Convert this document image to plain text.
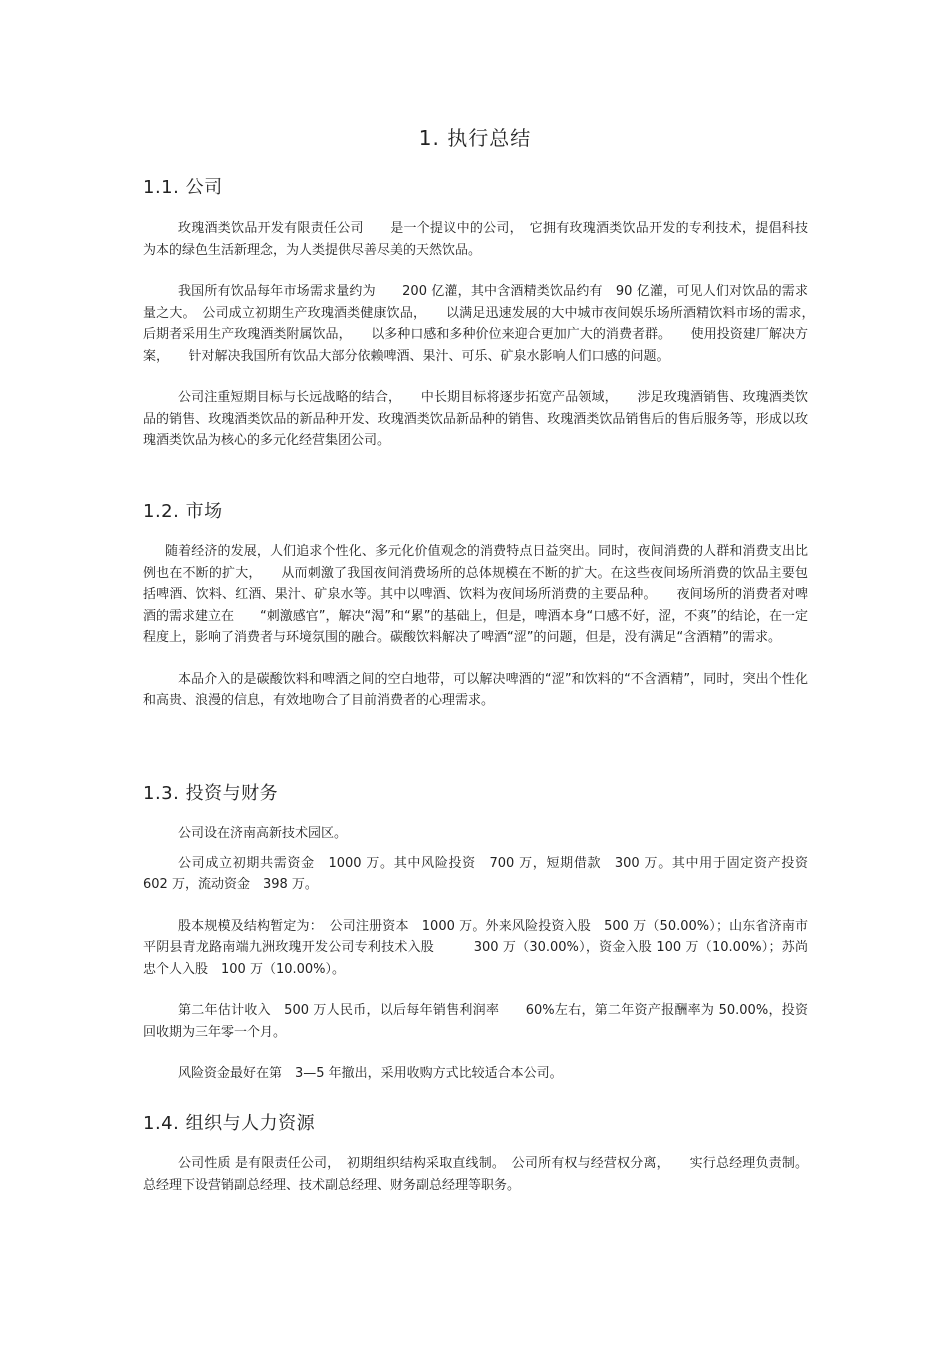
1. 执行总结
1.1. 公司

玫瑰酒类饮品开发有限责任公司　　是一个提议中的公司，　它拥有玫瑰酒类饮品开发的专利技术，提倡科技为本的绿色生活新理念，为人类提供尽善尽美的天然饮品。

我国所有饮品每年市场需求量约为　　200 亿灌，其中含酒精类饮品约有　90 亿灌，可见人们对饮品的需求量之大。　公司成立初期生产玫瑰酒类健康饮品，　　以满足迅速发展的大中城市夜间娱乐场所酒精饮料市场的需求，　　后期者采用生产玫瑰酒类附属饮品，　　以多种口感和多种价位来迎合更加广大的消费者群。　　使用投资建厂解决方案，　　针对解决我国所有饮品大部分依赖啤酒、果汁、可乐、矿泉水影响人们口感的问题。

公司注重短期目标与长远战略的结合，　　中长期目标将逐步拓宽产品领域，　　涉足玫瑰酒销售、玫瑰酒类饮品的销售、玫瑰酒类饮品的新品种开发、玫瑰酒类饮品新品种的销售、玫瑰酒类饮品销售后的售后服务等，形成以玫瑰酒类饮品为核心的多元化经营集团公司。

1.2. 市场

随着经济的发展，人们追求个性化、多元化价值观念的消费特点日益突出。同时，夜间消费的人群和消费支出比例也在不断的扩大，　　从而刺激了我国夜间消费场所的总体规模在不断的扩大。在这些夜间场所消费的饮品主要包括啤酒、饮料、红酒、果汁、矿泉水等。其中以啤酒、饮料为夜间场所消费的主要品种。　　夜间场所的消费者对啤酒的需求建立在　　“刺激感官”，解决“渴”和“累”的基础上，但是，啤酒本身“口感不好，涩，不爽”的结论，在一定程度上，影响了消费者与环境氛围的融合。碳酸饮料解决了啤酒“涩”的问题，但是，没有满足“含酒精”的需求。

本品介入的是碳酸饮料和啤酒之间的空白地带，可以解决啤酒的“涩”和饮料的“不含酒精”，同时，突出个性化和高贵、浪漫的信息，有效地吻合了目前消费者的心理需求。

1.3. 投资与财务

公司设在济南高新技术园区。

公司成立初期共需资金　1000 万。其中风险投资　700 万，短期借款　300 万。其中用于固定资产投资　602 万，流动资金　398 万。

股本规模及结构暂定为：　公司注册资本　1000 万。外来风险投资入股　500 万（50.00%）；山东省济南市平阴县青龙路南端九洲玫瑰开发公司专利技术入股　　　300 万（30.00%），资金入股 100 万（10.00%）；苏尚忠个人入股　100 万（10.00%）。

第二年估计收入　500 万人民币，以后每年销售利润率　　60%左右，第二年资产报酬率为 50.00%，投资回收期为三年零一个月。

风险资金最好在第　3—5 年撤出，采用收购方式比较适合本公司。

1.4. 组织与人力资源

公司性质 是有限责任公司，　初期组织结构采取直线制。　公司所有权与经营权分离，　　实行总经理负责制。总经理下设营销副总经理、技术副总经理、财务副总经理等职务。
